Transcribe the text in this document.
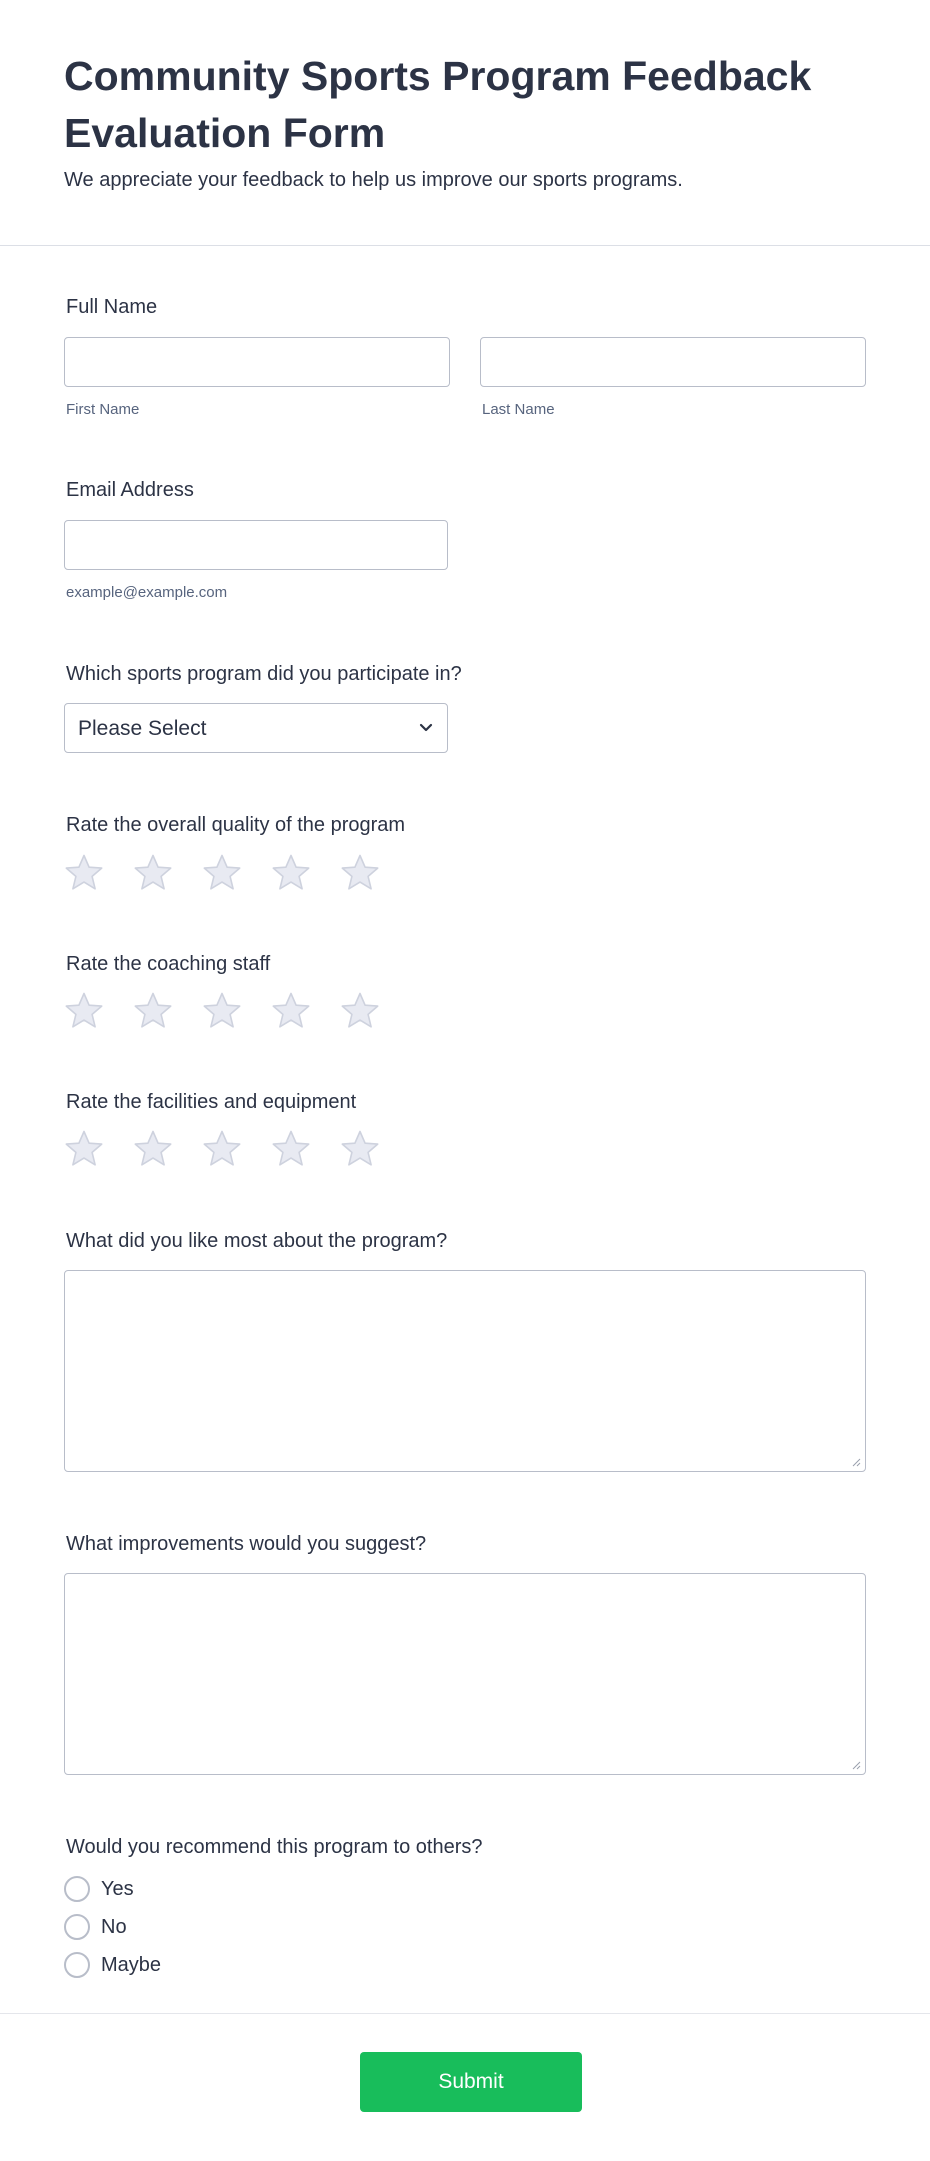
Community Sports Program Feedback Evaluation Form
We appreciate your feedback to help us improve our sports programs.
Full Name
First Name	Last Name
Email Address
example@example.com
Which sports program did you participate in?
Please Select
Rate the overall quality of the program
Rate the coaching staff
Rate the facilities and equipment
What did you like most about the program?
What improvements would you suggest?
Would you recommend this program to others?
Yes
No
Maybe
Submit
